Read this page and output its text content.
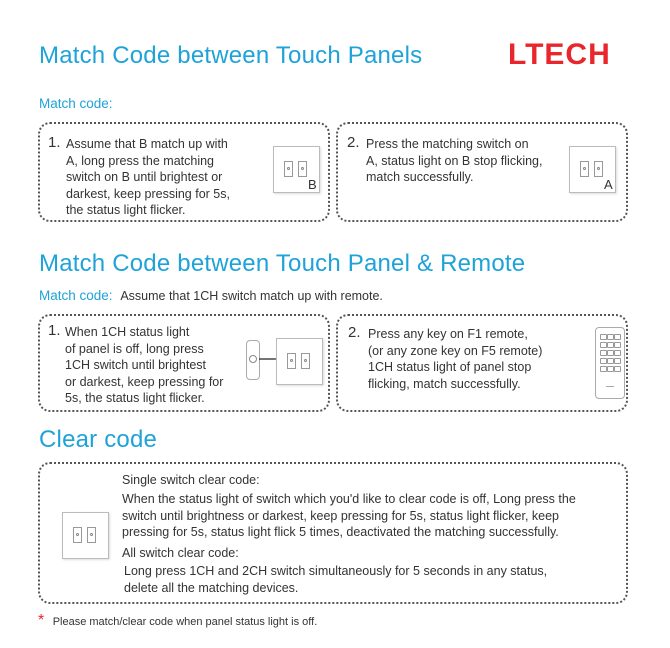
Match Code between Touch Panels	LTECH
Match code:
1. Assume that B match up with
A, long press the matching
switch on B until brightest or
darkest, keep pressing for 5s,
the status light flicker.
B
2. Press the matching switch on
A, status light on B stop flicking,
match successfully.	A
Match Code between Touch Panel & Remote
Match code: Assume that 1CH switch match up with remote.
1. When 1CH status light
of panel is off, long press
1CH switch until brightest
or darkest, keep pressing for
5s, the status light flicker.
2. Press any key on F1 remote,
(or any zone key on F5 remote)
1CH status light of panel stop
flicking, match successfully.
Clear code
Single switch clear code:
When the status light of switch which you'd like to clear code is off, Long press the
switch until brightness or darkest, keep pressing for 5s, status light flicker, keep
pressing for 5s, status light flick 5 times, deactivated the matching successfully.
All switch clear code:
Long press 1CH and 2CH switch simultaneously for 5 seconds in any status,
delete all the matching devices.
* Please match/clear code when panel status light is off.
